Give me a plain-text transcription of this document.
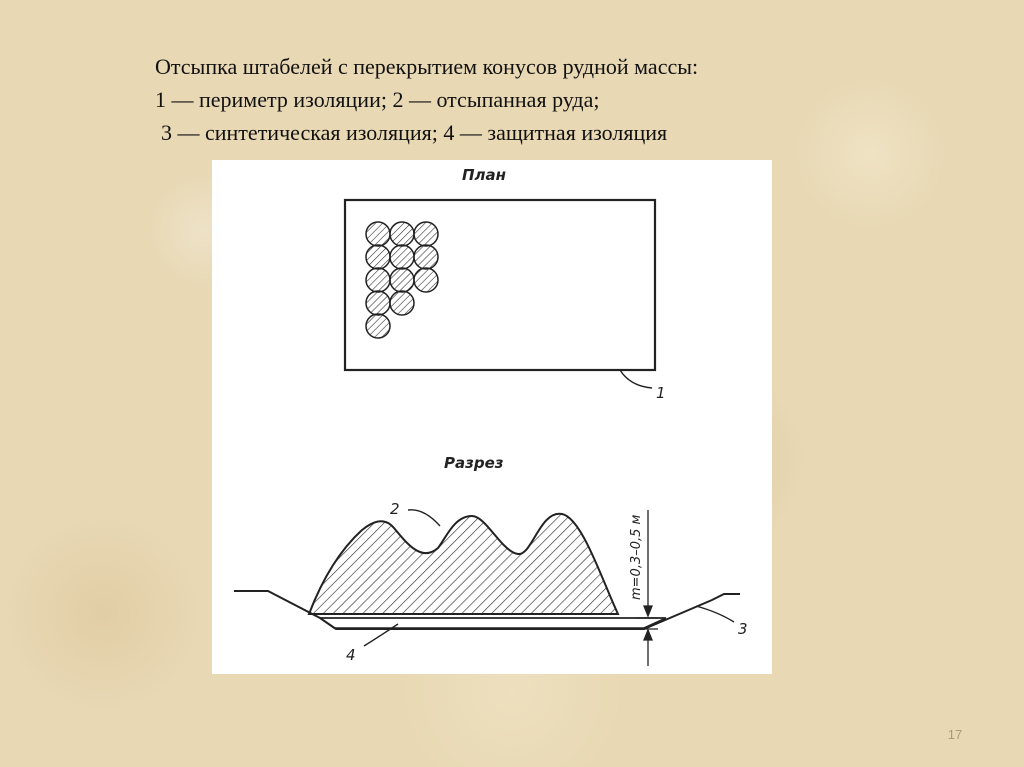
Отсыпка штабелей с перекрытием конусов рудной массы:
1 — периметр изоляции; 2 — отсыпанная руда;
3 — синтетическая изоляция; 4 — защитная изоляция
План
1
Разрез
2
3
4
m=0,3–0,5 м
17
